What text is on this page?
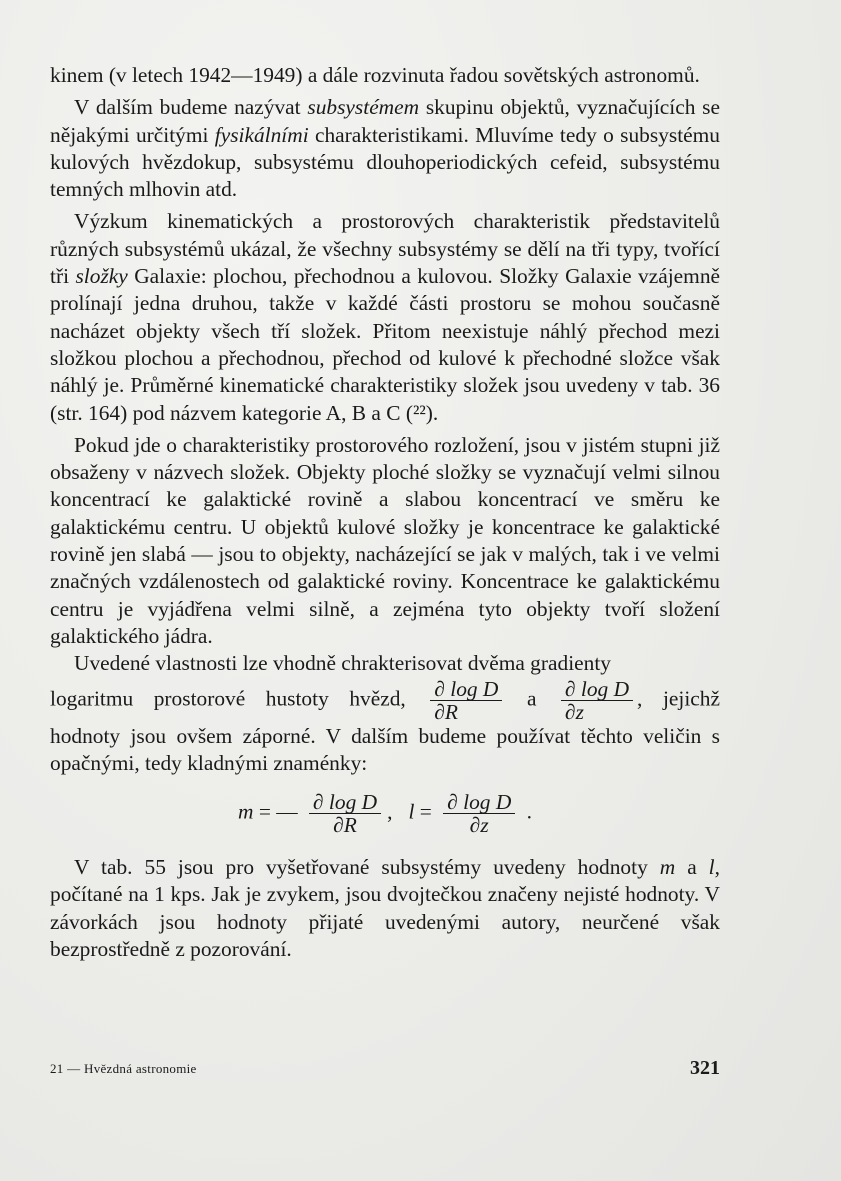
kinem (v letech 1942—1949) a dále rozvinuta řadou sovětských astronomů.

V dalším budeme nazývat subsystémem skupinu objektů, vyznačujících se nějakými určitými fysikálními charakteristikami. Mluvíme tedy o subsystému kulových hvězdokup, subsystému dlouhoperiodických cefeid, subsystému temných mlhovin atd.

Výzkum kinematických a prostorových charakteristik představitelů různých subsystémů ukázal, že všechny subsystémy se dělí na tři typy, tvořící tři složky Galaxie: plochou, přechodnou a kulovou. Složky Galaxie vzájemně prolínají jedna druhou, takže v každé části prostoru se mohou současně nacházet objekty všech tří složek. Přitom neexistuje náhlý přechod mezi složkou plochou a přechodnou, přechod od kulové k přechodné složce však náhlý je. Průměrné kinematické charakteristiky složek jsou uvedeny v tab. 36 (str. 164) pod názvem kategorie A, B a C (²²).

Pokud jde o charakteristiky prostorového rozložení, jsou v jistém stupni již obsaženy v názvech složek. Objekty ploché složky se vyznačují velmi silnou koncentrací ke galaktické rovině a slabou koncentrací ve směru ke galaktickému centru. U objektů kulové složky je koncentrace ke galaktické rovině jen slabá — jsou to objekty, nacházející se jak v malých, tak i ve velmi značných vzdálenostech od galaktické roviny. Koncentrace ke galaktickému centru je vyjádřena velmi silně, a zejména tyto objekty tvoří složení galaktického jádra.

Uvedené vlastnosti lze vhodně chrakterisovat dvěma gradienty

logaritmu prostorové hustoty hvězd, $\frac{\text{∂ log D}}{\partial R}$ a $\frac{\text{∂ log D}}{\partial z}$ , jejichž

hodnoty jsou ovšem záporné. V dalším budeme používat těchto veličin s opačnými, tedy kladnými znaménky:

m = — $\frac{\text{∂ log D}}{\partial R}$ , $l = \frac{\text{∂ log D}}{\partial z}$ .

V tab. 55 jsou pro vyšetřované subsystémy uvedeny hodnoty m a l, počítané na 1 kps. Jak je zvykem, jsou dvojtečkou značeny nejisté hodnoty. V závorkách jsou hodnoty přijaté uvedenými autory, neurčené však bezprostředně z pozorování.

21 — Hvězdná astronomie	321
